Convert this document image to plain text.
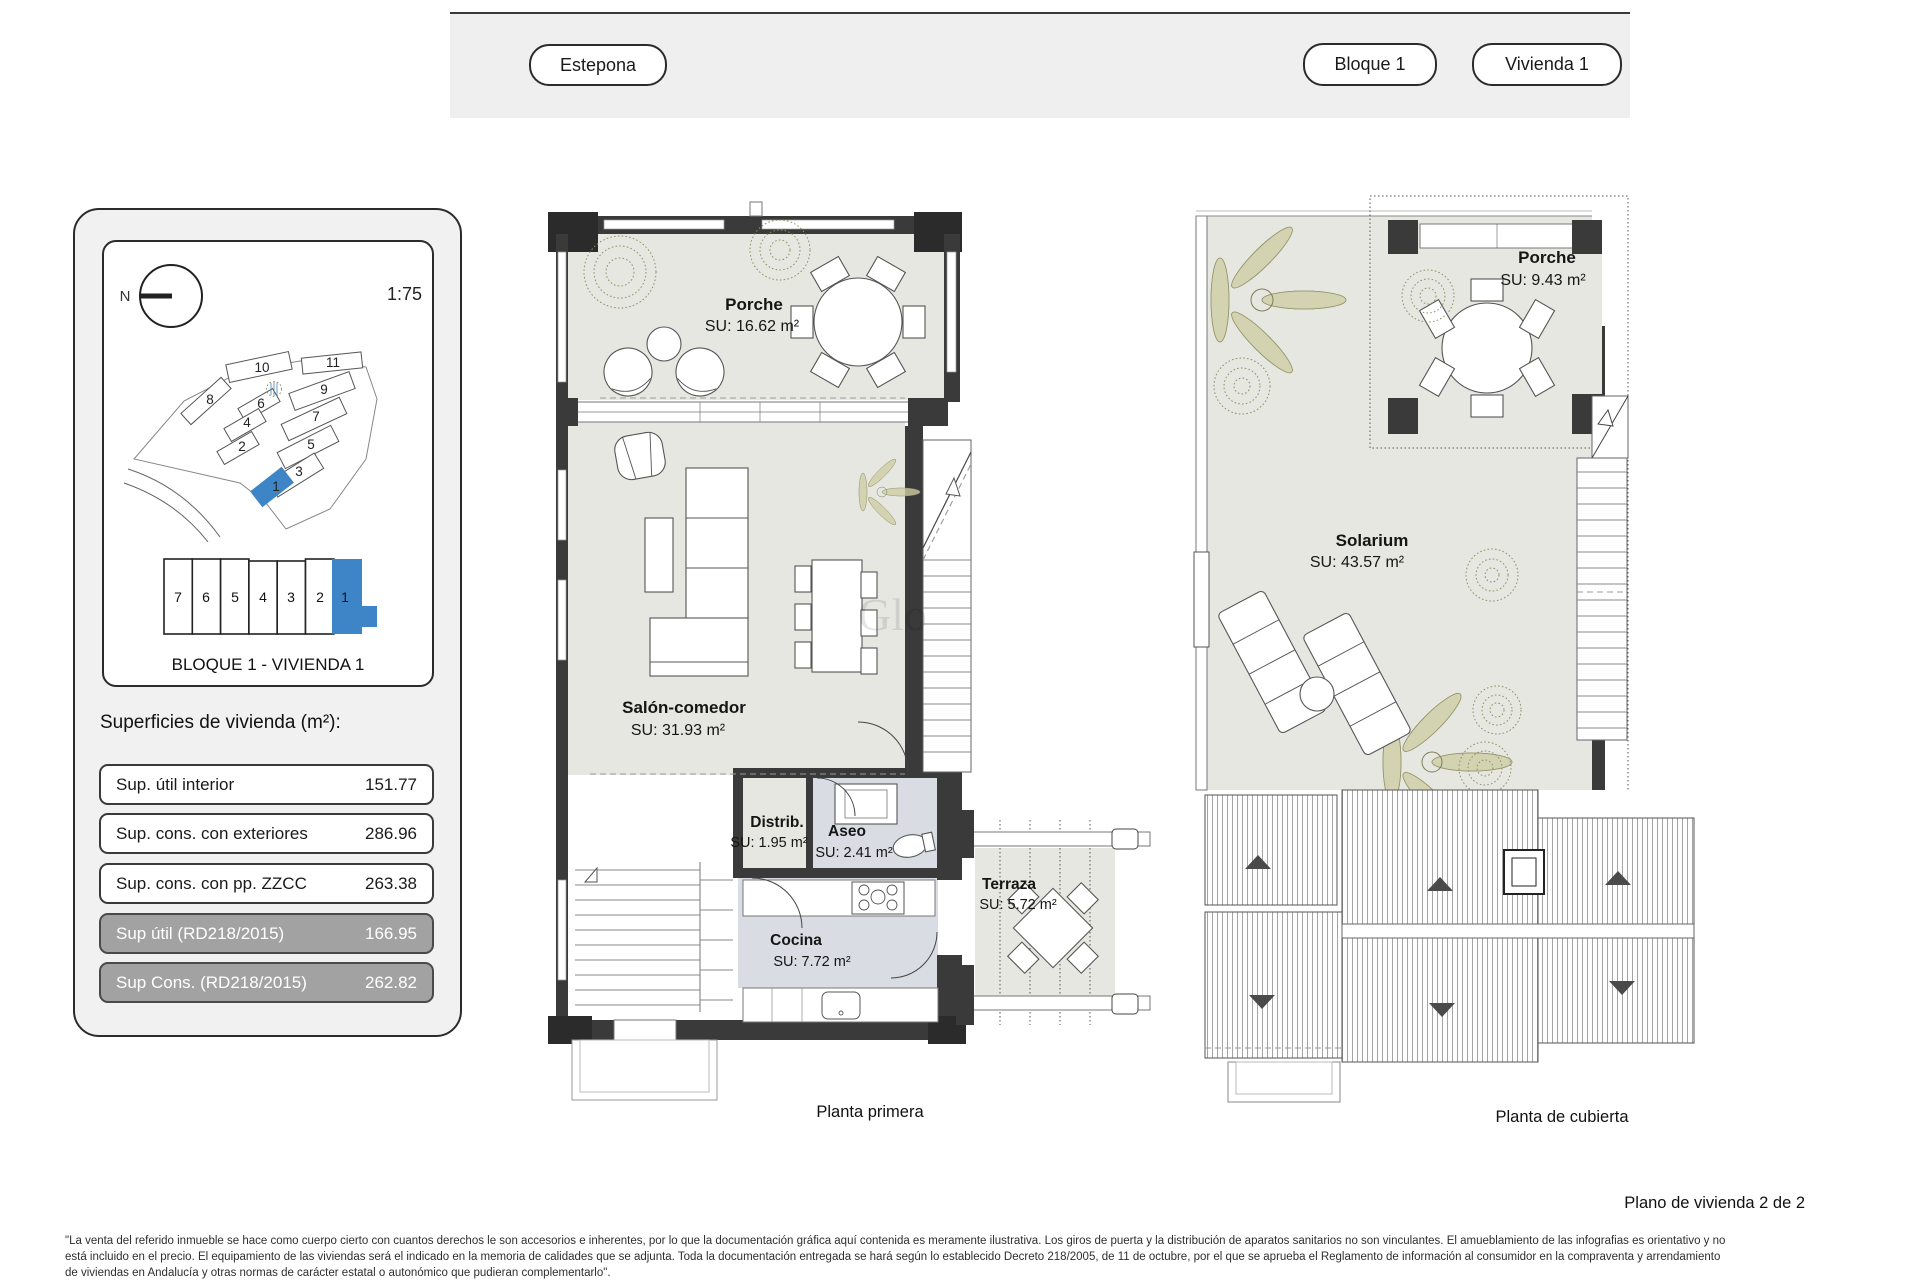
Estepona	Bloque 1	Vivienda 1
N	1:75
10	11
8	6
9
4	7
2	5
3
1
7 6 5 4 3 2 1
BLOQUE 1 - VIVIENDA 1
Superficies de vivienda (m²):
Sup. útil interior	151.77
Sup. cons. con exteriores	286.96
Sup. cons. con pp. ZZCC	263.38
Sup útil (RD218/2015)	166.95
Sup Cons. (RD218/2015)	262.82
Porche
SU: 16.62 m²
Salón-comedor
SU: 31.93 m²
Distrib.
SU: 1.95 m²
Aseo
SU: 2.41 m²
Cocina
SU: 7.72 m²
Terraza
SU: 5.72 m²
Planta primera
Porche
SU: 9.43 m²
Solarium
SU: 43.57 m²
Planta de cubierta
Plano de vivienda 2 de 2
"La venta del referido inmueble se hace como cuerpo cierto con cuantos derechos le son accesorios e inherentes, por lo que la documentación gráfica aquí contenida es meramente ilustrativa. Los giros de puerta y la distribución de aparatos sanitarios no son vinculantes. El amueblamiento de las infografias es orientativo y no
está incluido en el precio. El equipamiento de las viviendas será el indicado en la memoria de calidades que se adjunta. Toda la documentación entregada se hará según lo establecido Decreto 218/2005, de 11 de octubre, por el que se aprueba el Reglamento de información al consumidor en la compraventa y arrendamiento
de viviendas en Andalucía y otras normas de carácter estatal o autonómico que pudieran complementarlo".
